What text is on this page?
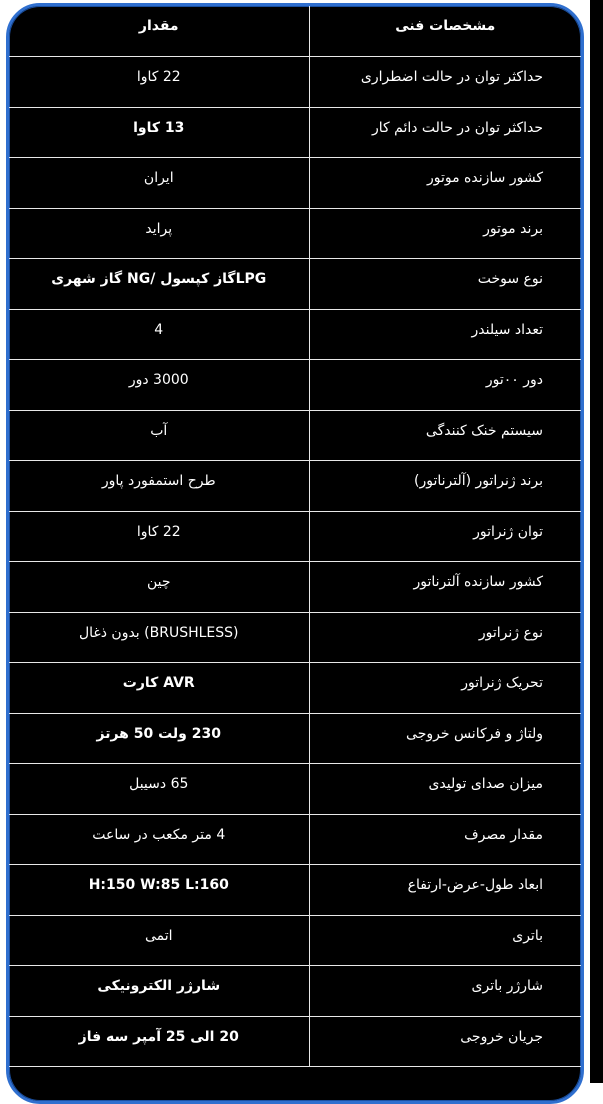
مشخصات فنی	مقدار
حداکثر توان در حالت اضطراری	22 کاوا
حداکثر توان در حالت دائم کار	13 کاوا
کشور سازنده موتور	ایران
برند موتور	پراید
نوع سوخت	LPGگاز کپسول /NG گاز شهری
تعداد سیلندر	4
دور ۰۰تور	3000 دور
سیستم خنک کنندگی	آب
برند ژنراتور (آلترناتور)	طرح استمفورد پاور
توان ژنراتور	22 کاوا
کشور سازنده آلترناتور	چین
نوع ژنراتور	(BRUSHLESS) بدون ذغال
تحریک ژنراتور	AVR کارت
ولتاژ و فرکانس خروجی	230 ولت 50 هرتز
میزان صدای تولیدی	65 دسیبل
مقدار مصرف	4 متر مکعب در ساعت
ابعاد طول-عرض-ارتفاع	H:150 W:85 L:160
باتری	اتمی
شارژر باتری	شارژر الکترونیکی
جریان خروجی	20 الی 25 آمپر سه فاز
